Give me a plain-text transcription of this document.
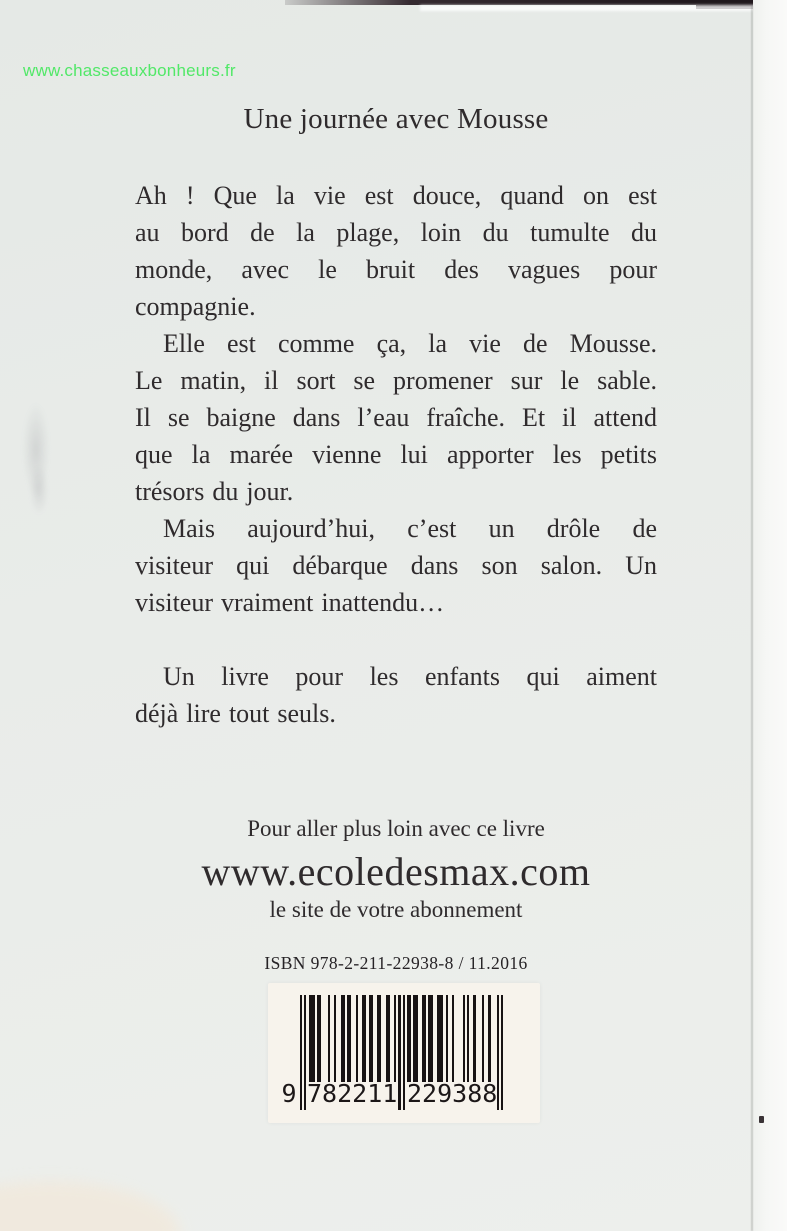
www.chasseauxbonheurs.fr
Une journée avec Mousse
Ah ! Que la vie est douce, quand on est
au bord de la plage, loin du tumulte du
monde, avec le bruit des vagues pour
compagnie.
Elle est comme ça, la vie de Mousse.
Le matin, il sort se promener sur le sable.
Il se baigne dans l’eau fraîche. Et il attend
que la marée vienne lui apporter les petits
trésors du jour.
Mais aujourd’hui, c’est un drôle de
visiteur qui débarque dans son salon. Un
visiteur vraiment inattendu…
Un livre pour les enfants qui aiment
déjà lire tout seuls.
Pour aller plus loin avec ce livre
www.ecoledesmax.com
le site de votre abonnement
ISBN 978-2-211-22938-8 / 11.2016
9 782211 229388
